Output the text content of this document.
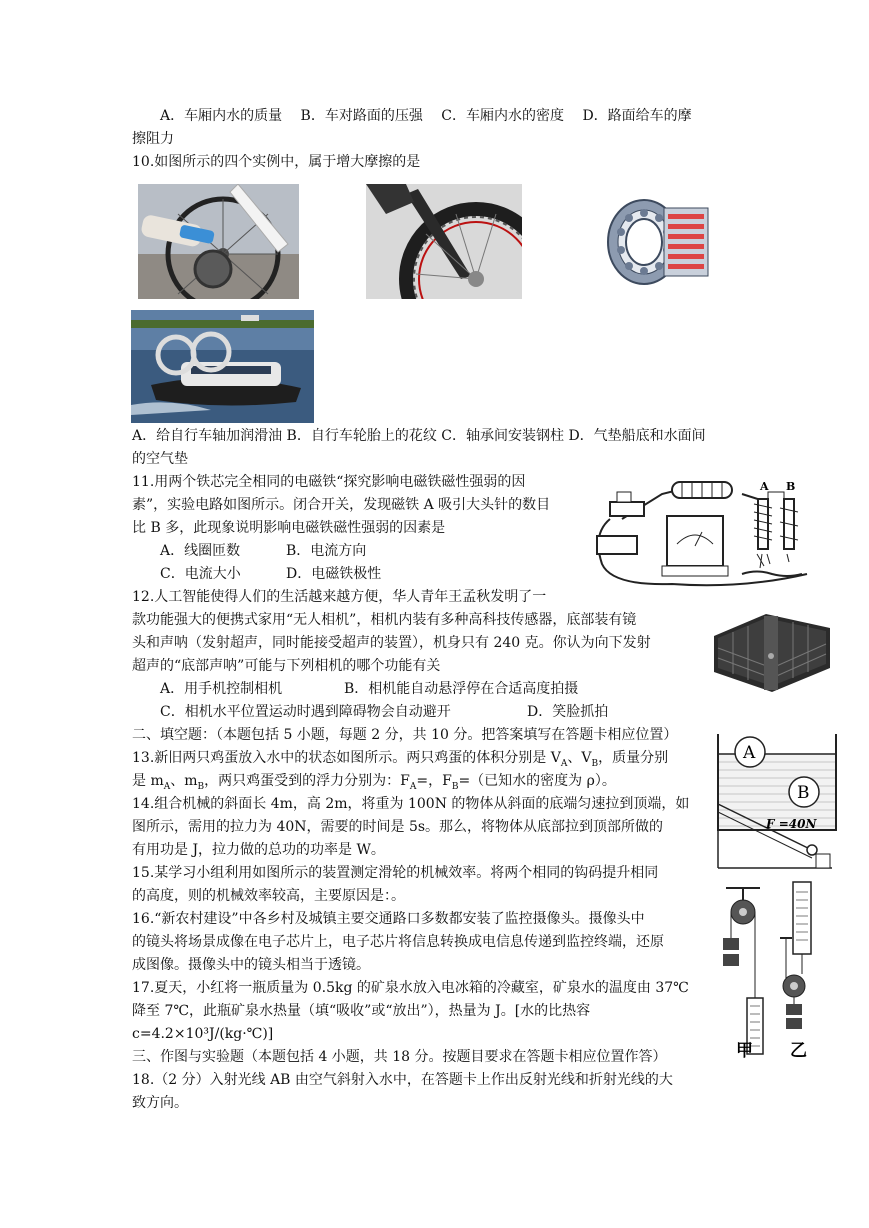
A．车厢内水的质量　 B．车对路面的压强　 C．车厢内水的密度　 D．路面给车的摩
擦阻力
10.如图所示的四个实例中，属于增大摩擦的是
A．给自行车轴加润滑油 B．自行车轮胎上的花纹 C．轴承间安装钢柱 D．气垫船底和水面间
的空气垫
11.用两个铁芯完全相同的电磁铁“探究影响电磁铁磁性强弱的因
素”，实验电路如图所示。闭合开关，发现磁铁 A 吸引大头针的数目
比 B 多，此现象说明影响电磁铁磁性强弱的因素是
A．线圈匝数	B．电流方向
C．电流大小	D．电磁铁极性
A B
12.人工智能使得人们的生活越来越方便，华人青年王孟秋发明了一
款功能强大的便携式家用“无人相机”，相机内装有多种高科技传感器，底部装有镜
头和声呐（发射超声，同时能接受超声的装置），机身只有 240 克。你认为向下发射
超声的“底部声呐”可能与下列相机的哪个功能有关
A．用手机控制相机	B．相机能自动悬浮停在合适高度拍摄
C．相机水平位置运动时遇到障碍物会自动避开	D．笑脸抓拍
二、填空题：（本题包括 5 小题，每题 2 分，共 10 分。把答案填写在答题卡相应位置）
13.新旧两只鸡蛋放入水中的状态如图所示。两只鸡蛋的体积分别是 $V_A$、$V_B$，质量分别
是 $m_A$、$m_B$，两只鸡蛋受到的浮力分别为：$F_A=$，$F_B=$（已知水的密度为 ρ）。
A
B
14.组合机械的斜面长 4m，高 2m，将重为 100N 的物体从斜面的底端匀速拉到顶端，如
图所示，需用的拉力为 40N，需要的时间是 5s。那么，将物体从底部拉到顶部所做的
有用功是 J，拉力做的总功的功率是 W。
F =40N
15.某学习小组利用如图所示的装置测定滑轮的机械效率。将两个相同的钩码提升相同
的高度，则的机械效率较高，主要原因是：。
甲 乙
16.“新农村建设”中各乡村及城镇主要交通路口多数都安装了监控摄像头。摄像头中
的镜头将场景成像在电子芯片上，电子芯片将信息转换成电信息传递到监控终端，还原
成图像。摄像头中的镜头相当于透镜。
17.夏天，小红将一瓶质量为 0.5kg 的矿泉水放入电冰箱的冷藏室，矿泉水的温度由 37℃
降至 7℃，此瓶矿泉水热量（填“吸收”或“放出”），热量为 J。[水的比热容
c=4.2×10³J/(kg·℃)]
三、作图与实验题（本题包括 4 小题，共 18 分。按题目要求在答题卡相应位置作答）
18.（2 分）入射光线 AB 由空气斜射入水中，在答题卡上作出反射光线和折射光线的大
致方向。
